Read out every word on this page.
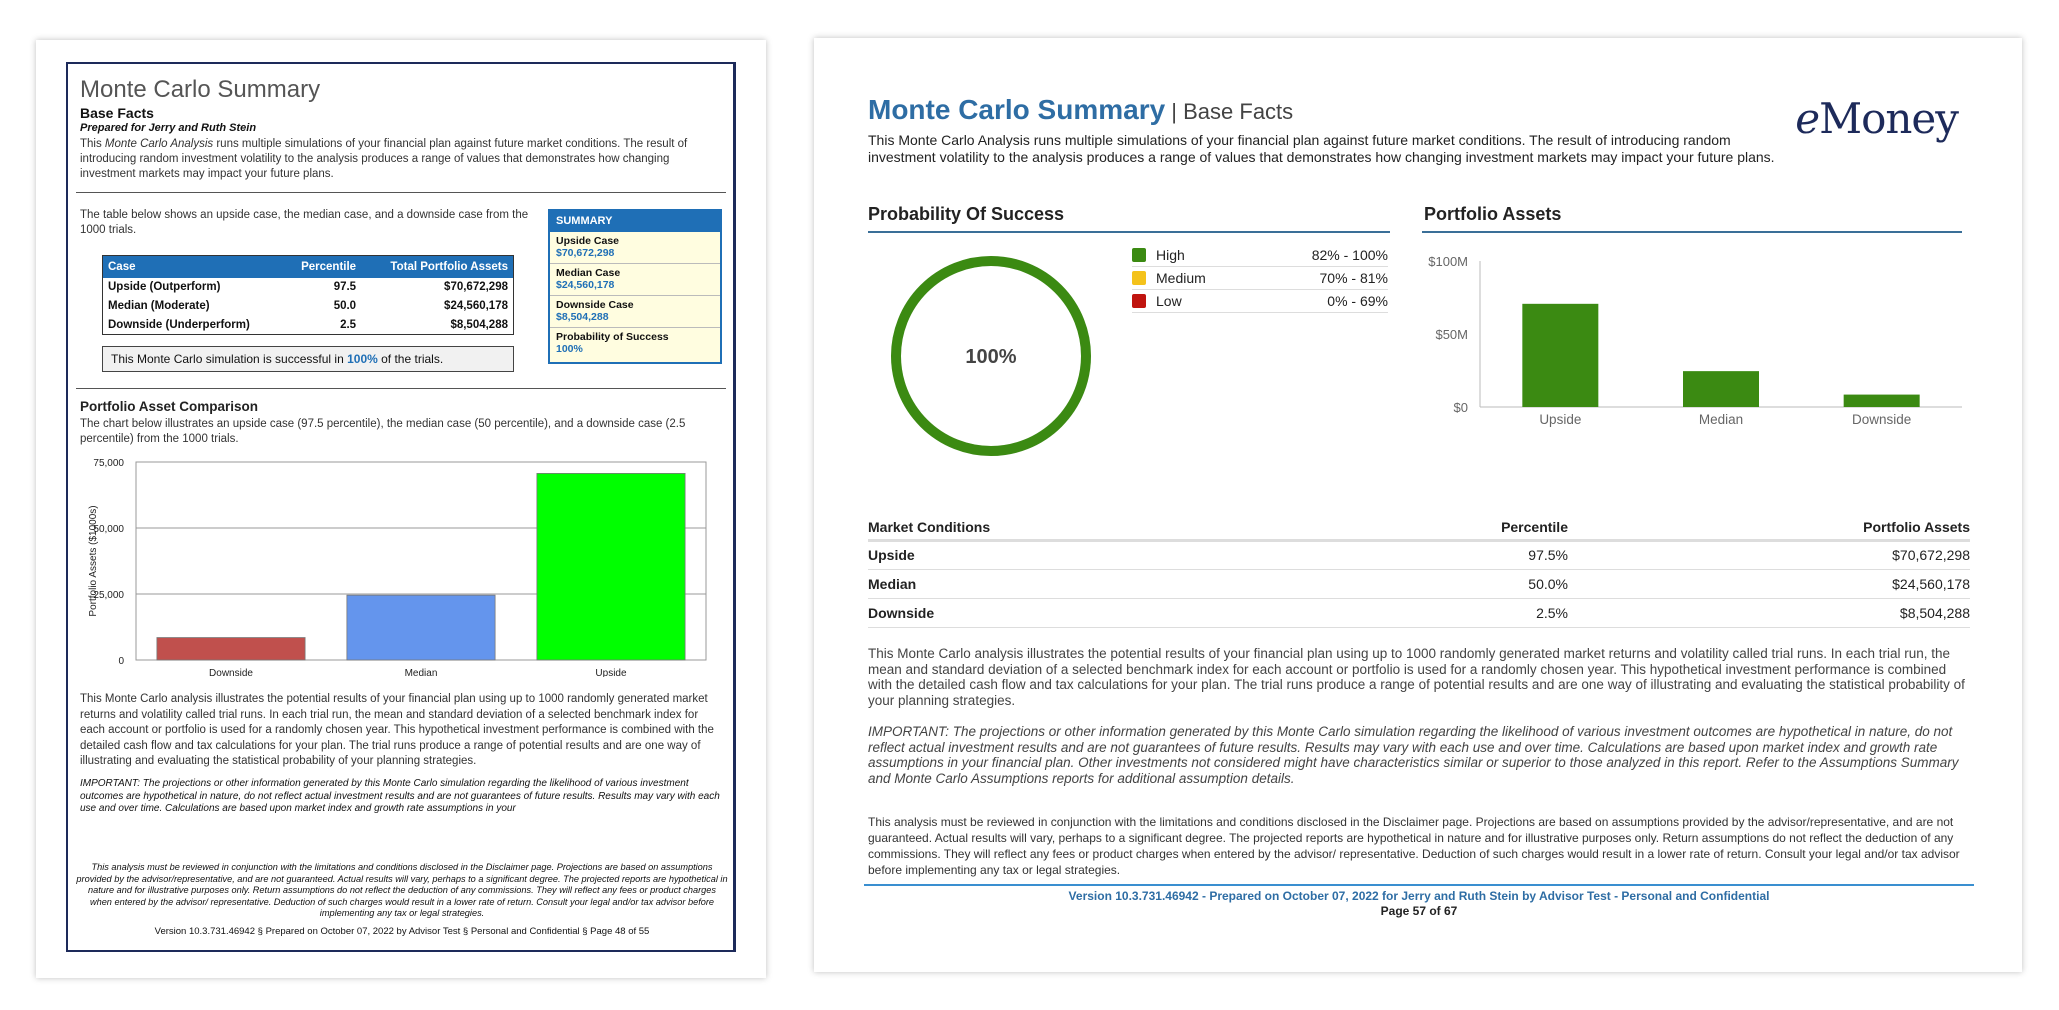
Monte Carlo Summary
Base Facts
Prepared for Jerry and Ruth Stein
This Monte Carlo Analysis runs multiple simulations of your financial plan against future market conditions. The result of introducing random investment volatility to the analysis produces a range of values that demonstrates how changing investment markets may impact your future plans.
The table below shows an upside case, the median case, and a downside case from the 1000 trials.
Case	Percentile	Total Portfolio Assets
Upside (Outperform)	97.5	$70,672,298
Median (Moderate)	50.0	$24,560,178
Downside (Underperform)	2.5	$8,504,288
This Monte Carlo simulation is successful in 100% of the trials.
SUMMARY
Upside Case
$70,672,298
Median Case
$24,560,178
Downside Case
$8,504,288
Probability of Success
100%
Portfolio Asset Comparison
The chart below illustrates an upside case (97.5 percentile), the median case (50 percentile), and a downside case (2.5 percentile) from the 1000 trials.
0
25,000
50,000
75,000
Portfolio Assets ($1000s)
Downside	Median	Upside
This Monte Carlo analysis illustrates the potential results of your financial plan using up to 1000 randomly generated market returns and volatility called trial runs. In each trial run, the mean and standard deviation of a selected benchmark index for each account or portfolio is used for a randomly chosen year. This hypothetical investment performance is combined with the detailed cash flow and tax calculations for your plan. The trial runs produce a range of potential results and are one way of illustrating and evaluating the statistical probability of your planning strategies.
IMPORTANT: The projections or other information generated by this Monte Carlo simulation regarding the likelihood of various investment outcomes are hypothetical in nature, do not reflect actual investment results and are not guarantees of future results. Results may vary with each use and over time. Calculations are based upon market index and growth rate assumptions in your
This analysis must be reviewed in conjunction with the limitations and conditions disclosed in the Disclaimer page. Projections are based on assumptions provided by the advisor/representative, and are not guaranteed. Actual results will vary, perhaps to a significant degree. The projected reports are hypothetical in nature and for illustrative purposes only. Return assumptions do not reflect the deduction of any commissions. They will reflect any fees or product charges when entered by the advisor/ representative. Deduction of such charges would result in a lower rate of return. Consult your legal and/or tax advisor before implementing any tax or legal strategies.
Version 10.3.731.46942 § Prepared on October 07, 2022 by Advisor Test § Personal and Confidential § Page 48 of 55
Monte Carlo Summary | Base Facts	eMoney
This Monte Carlo Analysis runs multiple simulations of your financial plan against future market conditions. The result of introducing random investment volatility to the analysis produces a range of values that demonstrates how changing investment markets may impact your future plans.
Probability Of Success
100%
High	82% - 100%
Medium	70% - 81%
Low	0% - 69%
Portfolio Assets
$0
$50M
$100M
Upside	Median	Downside
Market Conditions	Percentile	Portfolio Assets
Upside	97.5%	$70,672,298
Median	50.0%	$24,560,178
Downside	2.5%	$8,504,288
This Monte Carlo analysis illustrates the potential results of your financial plan using up to 1000 randomly generated market returns and volatility called trial runs. In each trial run, the mean and standard deviation of a selected benchmark index for each account or portfolio is used for a randomly chosen year. This hypothetical investment performance is combined with the detailed cash flow and tax calculations for your plan. The trial runs produce a range of potential results and are one way of illustrating and evaluating the statistical probability of your planning strategies.
IMPORTANT: The projections or other information generated by this Monte Carlo simulation regarding the likelihood of various investment outcomes are hypothetical in nature, do not reflect actual investment results and are not guarantees of future results. Results may vary with each use and over time. Calculations are based upon market index and growth rate assumptions in your financial plan. Other investments not considered might have characteristics similar or superior to those analyzed in this report. Refer to the Assumptions Summary and Monte Carlo Assumptions reports for additional assumption details.
This analysis must be reviewed in conjunction with the limitations and conditions disclosed in the Disclaimer page. Projections are based on assumptions provided by the advisor/representative, and are not guaranteed. Actual results will vary, perhaps to a significant degree. The projected reports are hypothetical in nature and for illustrative purposes only. Return assumptions do not reflect the deduction of any commissions. They will reflect any fees or product charges when entered by the advisor/ representative. Deduction of such charges would result in a lower rate of return. Consult your legal and/or tax advisor before implementing any tax or legal strategies.
Version 10.3.731.46942 - Prepared on October 07, 2022 for Jerry and Ruth Stein by Advisor Test - Personal and Confidential
Page 57 of 67
